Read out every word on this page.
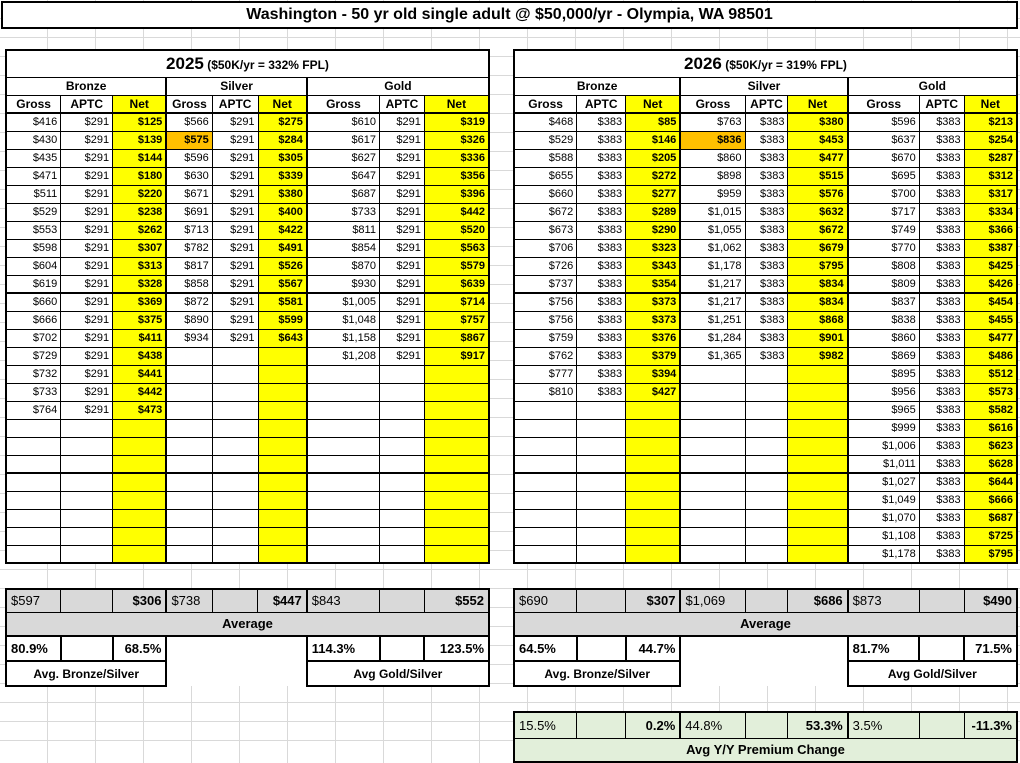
Washington - 50 yr old single adult @ $50,000/yr - Olympia, WA 98501
2025 ($50K/yr = 332% FPL)								
Bronze			Silver			Gold		
Gross	APTC	Net	Gross	APTC	Net	Gross	APTC	Net
$416	$291	$125	$566	$291	$275	$610	$291	$319
$430	$291	$139	$575	$291	$284	$617	$291	$326
$435	$291	$144	$596	$291	$305	$627	$291	$336
$471	$291	$180	$630	$291	$339	$647	$291	$356
$511	$291	$220	$671	$291	$380	$687	$291	$396
$529	$291	$238	$691	$291	$400	$733	$291	$442
$553	$291	$262	$713	$291	$422	$811	$291	$520
$598	$291	$307	$782	$291	$491	$854	$291	$563
$604	$291	$313	$817	$291	$526	$870	$291	$579
$619	$291	$328	$858	$291	$567	$930	$291	$639
$660	$291	$369	$872	$291	$581	$1,005	$291	$714
$666	$291	$375	$890	$291	$599	$1,048	$291	$757
$702	$291	$411	$934	$291	$643	$1,158	$291	$867
$729	$291	$438				$1,208	$291	$917
$732	$291	$441						
$733	$291	$442						
$764	$291	$473						

$597		$306	$738		$447	$843		$552
Average								
80.9%		68.5%				114.3%		123.5%
Avg. Bronze/Silver						Avg Gold/Silver		
2026 ($50K/yr = 319% FPL)								
Bronze			Silver			Gold		
Gross	APTC	Net	Gross	APTC	Net	Gross	APTC	Net
$468	$383	$85	$763	$383	$380	$596	$383	$213
$529	$383	$146	$836	$383	$453	$637	$383	$254
$588	$383	$205	$860	$383	$477	$670	$383	$287
$655	$383	$272	$898	$383	$515	$695	$383	$312
$660	$383	$277	$959	$383	$576	$700	$383	$317
$672	$383	$289	$1,015	$383	$632	$717	$383	$334
$673	$383	$290	$1,055	$383	$672	$749	$383	$366
$706	$383	$323	$1,062	$383	$679	$770	$383	$387
$726	$383	$343	$1,178	$383	$795	$808	$383	$425
$737	$383	$354	$1,217	$383	$834	$809	$383	$426
$756	$383	$373	$1,217	$383	$834	$837	$383	$454
$756	$383	$373	$1,251	$383	$868	$838	$383	$455
$759	$383	$376	$1,284	$383	$901	$860	$383	$477
$762	$383	$379	$1,365	$383	$982	$869	$383	$486
$777	$383	$394				$895	$383	$512
$810	$383	$427				$956	$383	$573
						$965	$383	$582
						$999	$383	$616
						$1,006	$383	$623
						$1,011	$383	$628
						$1,027	$383	$644
						$1,049	$383	$666
						$1,070	$383	$687
						$1,108	$383	$725
						$1,178	$383	$795
$690		$307	$1,069		$686	$873		$490
Average								
64.5%		44.7%				81.7%		71.5%
Avg. Bronze/Silver						Avg Gold/Silver		
15.5%		0.2%	44.8%		53.3%	3.5%		-11.3%
Avg Y/Y Premium Change
